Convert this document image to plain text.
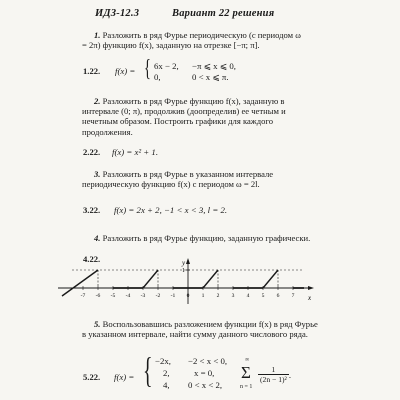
ИДЗ-12.3	Вариант 22 решения
1. Разложить в ряд Фурье периодическую (с периодом ω = 2π) функцию f(x), заданную на отрезке [−π; π].
1.22. f(x) = { 6x − 2, −π ⩽ x ⩽ 0,
0,	0 < x ⩽ π.
2. Разложить в ряд Фурье функцию f(x), заданную в интервале (0; π), продолжив (доопределив) ее четным и нечетным образом. Построить графики для каждого продолжения.
2.22. f(x) = x² + 1.
3. Разложить в ряд Фурье в указанном интервале периодическую функцию f(x) с периодом ω = 2l.
3.22. f(x) = 2x + 2, −1 < x < 3, l = 2.
4. Разложить в ряд Фурье функцию, заданную графически.
4.22.	y
x
1
-7 -6 -5 -4 -3 -2 -1 0 1 2 3 4 5 6 7
5. Воспользовавшись разложением функции f(x) в ряд Фурье в указанном интервале, найти сумму данного числового ряда.
5.22. f(x) = { −2x, −2 < x < 0,
2,	x = 0,
4, 0 < x < 2,
∞
Σ
n = 1
$\frac{1}{\text{(2n − 1)²}}$ .
